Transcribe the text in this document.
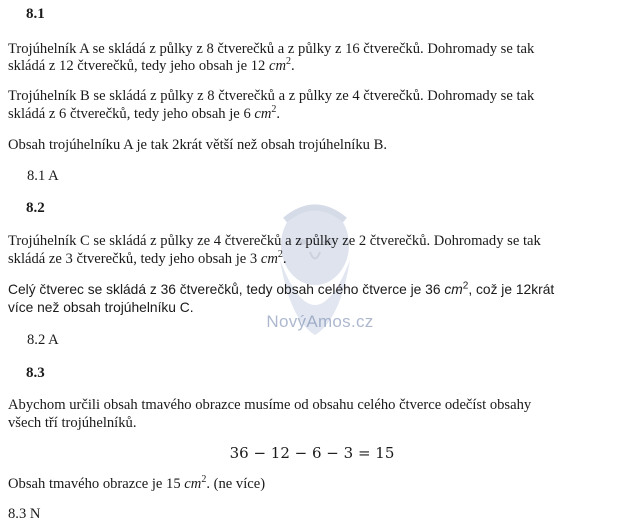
NovýAmos.cz
8.1
Trojúhelník A se skládá z půlky z 8 čtverečků a z půlky z 16 čtverečků. Dohromady se tak
skládá z 12 čtverečků, tedy jeho obsah je 12 $cm^2$.
Trojúhelník B se skládá z půlky z 8 čtverečků a z půlky ze 4 čtverečků. Dohromady se tak
skládá z 6 čtverečků, tedy jeho obsah je 6 $cm^2$.
Obsah trojúhelníku A je tak 2krát větší než obsah trojúhelníku B.
8.1 A
8.2
Trojúhelník C se skládá z půlky ze 4 čtverečků a z půlky ze 2 čtverečků. Dohromady se tak
skládá ze 3 čtverečků, tedy jeho obsah je 3 $cm^2$.
Celý čtverec se skládá z 36 čtverečků, tedy obsah celého čtverce je 36 $cm^2$, což je 12krát
více než obsah trojúhelníku C.
8.2 A
8.3
Abychom určili obsah tmavého obrazce musíme od obsahu celého čtverce odečíst obsahy
všech tří trojúhelníků.
36 − 12 − 6 − 3 = 15
Obsah tmavého obrazce je 15 $cm^2$. (ne více)
8.3 N
